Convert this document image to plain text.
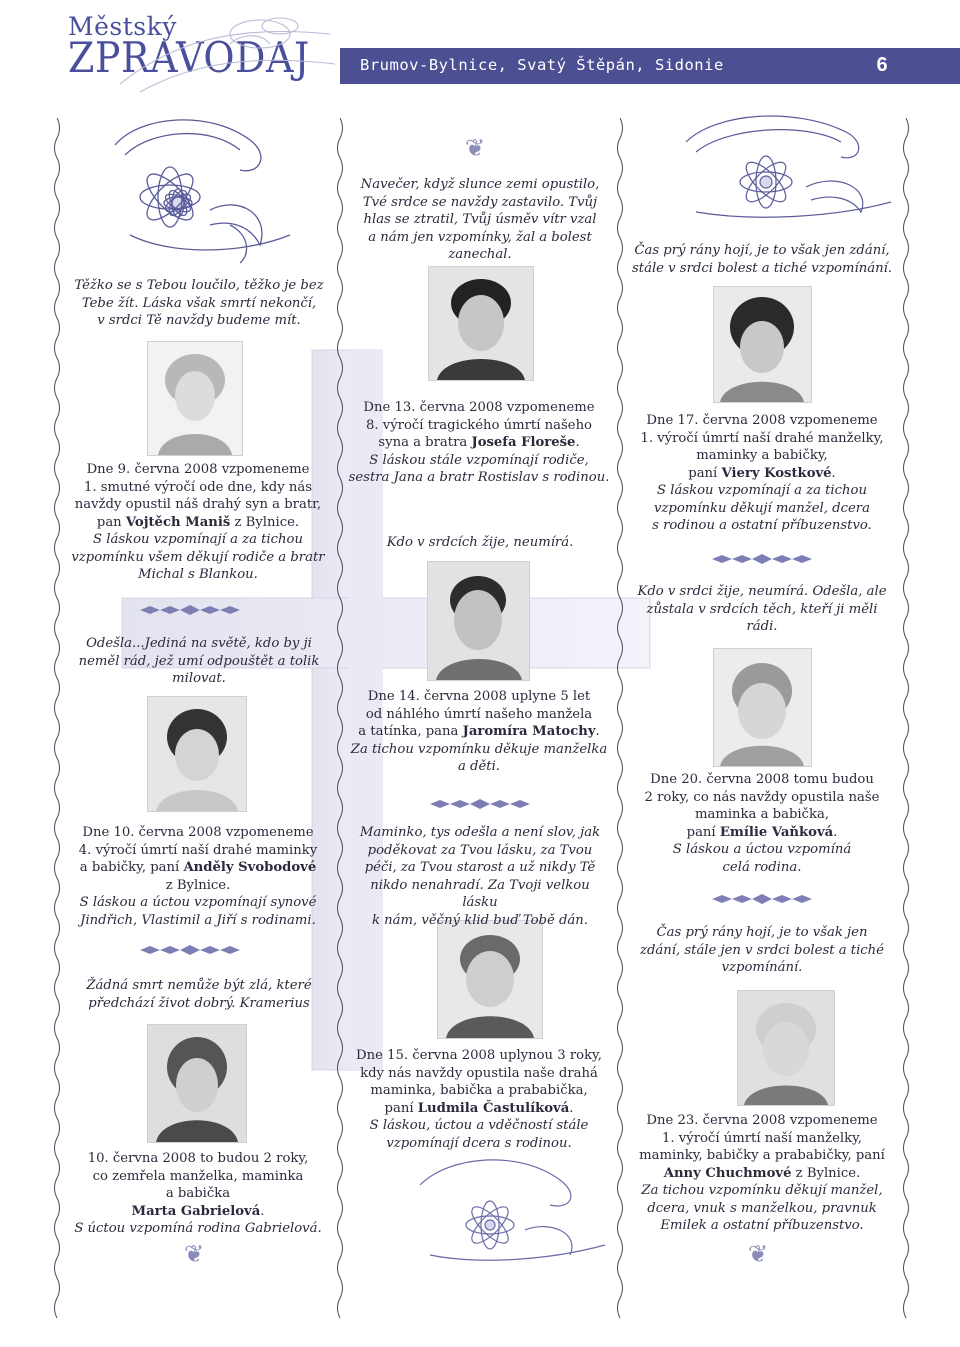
Městský
ZPRAVODAJ	Brumov-Bylnice, Svatý Štěpán, Sidonie	6
❦
❦	❦
Těžko se s Tebou loučilo, těžko je bez
Tebe žít. Láska však smrtí nekončí,
v srdci Tě navždy budeme mít.
Dne 9. června 2008 vzpomeneme
1. smutné výročí ode dne, kdy nás
navždy opustil náš drahý syn a bratr,
pan Vojtěch Maniš z Bylnice.
S láskou vzpomínají a za tichou
vzpomínku všem děkují rodiče a bratr
Michal s Blankou.
Odešla...Jediná na světě, kdo by ji
neměl rád, jež umí odpouštět a tolik
milovat.
Dne 10. června 2008 vzpomeneme
4. výročí úmrtí naší drahé maminky
a babičky, paní Anděly Svobodové
z Bylnice.
S láskou a úctou vzpomínají synové
Jindřich, Vlastimil a Jiří s rodinami.
Žádná smrt nemůže být zlá, které
předchází život dobrý. Kramerius
10. června 2008 to budou 2 roky,
co zemřela manželka, maminka
a babička
Marta Gabrielová.
S úctou vzpomíná rodina Gabrielová.
Navečer, když slunce zemi opustilo,
Tvé srdce se navždy zastavilo. Tvůj
hlas se ztratil, Tvůj úsměv vítr vzal
a nám jen vzpomínky, žal a bolest
zanechal.
Dne 13. června 2008 vzpomeneme
8. výročí tragického úmrtí našeho
syna a bratra Josefa Floreše.
S láskou stále vzpomínají rodiče,
sestra Jana a bratr Rostislav s rodinou.
Kdo v srdcích žije, neumírá.
Dne 14. června 2008 uplyne 5 let
od náhlého úmrtí našeho manžela
a tatínka, pana Jaromíra Matochy.
Za tichou vzpomínku děkuje manželka
a děti.
Maminko, tys odešla a není slov, jak
poděkovat za Tvou lásku, za Tvou
péči, za Tvou starost a už nikdy Tě
nikdo nenahradí. Za Tvoji velkou lásku
k nám, věčný klid buď Tobě dán.
Dne 15. června 2008 uplynou 3 roky,
kdy nás navždy opustila naše drahá
maminka, babička a prababička,
paní Ludmila Častulíková.
S láskou, úctou a vděčností stále
vzpomínají dcera s rodinou.
Čas prý rány hojí, je to však jen zdání,
stále v srdci bolest a tiché vzpomínání.
Dne 17. června 2008 vzpomeneme
1. výročí úmrtí naší drahé manželky,
maminky a babičky,
paní Viery Kostkové.
S láskou vzpomínají a za tichou
vzpomínku děkují manžel, dcera
s rodinou a ostatní příbuzenstvo.
Kdo v srdci žije, neumírá. Odešla, ale
zůstala v srdcích těch, kteří ji měli
rádi.
Dne 20. června 2008 tomu budou
2 roky, co nás navždy opustila naše
maminka a babička,
paní Emílie Vaňková.
S láskou a úctou vzpomíná
celá rodina.
Čas prý rány hojí, je to však jen
zdání, stále jen v srdci bolest a tiché
vzpomínání.
Dne 23. června 2008 vzpomeneme
1. výročí úmrtí naší manželky,
maminky, babičky a prababičky, paní
Anny Chuchmové z Bylnice.
Za tichou vzpomínku děkují manžel,
dcera, vnuk s manželkou, pravnuk
Emilek a ostatní příbuzenstvo.
